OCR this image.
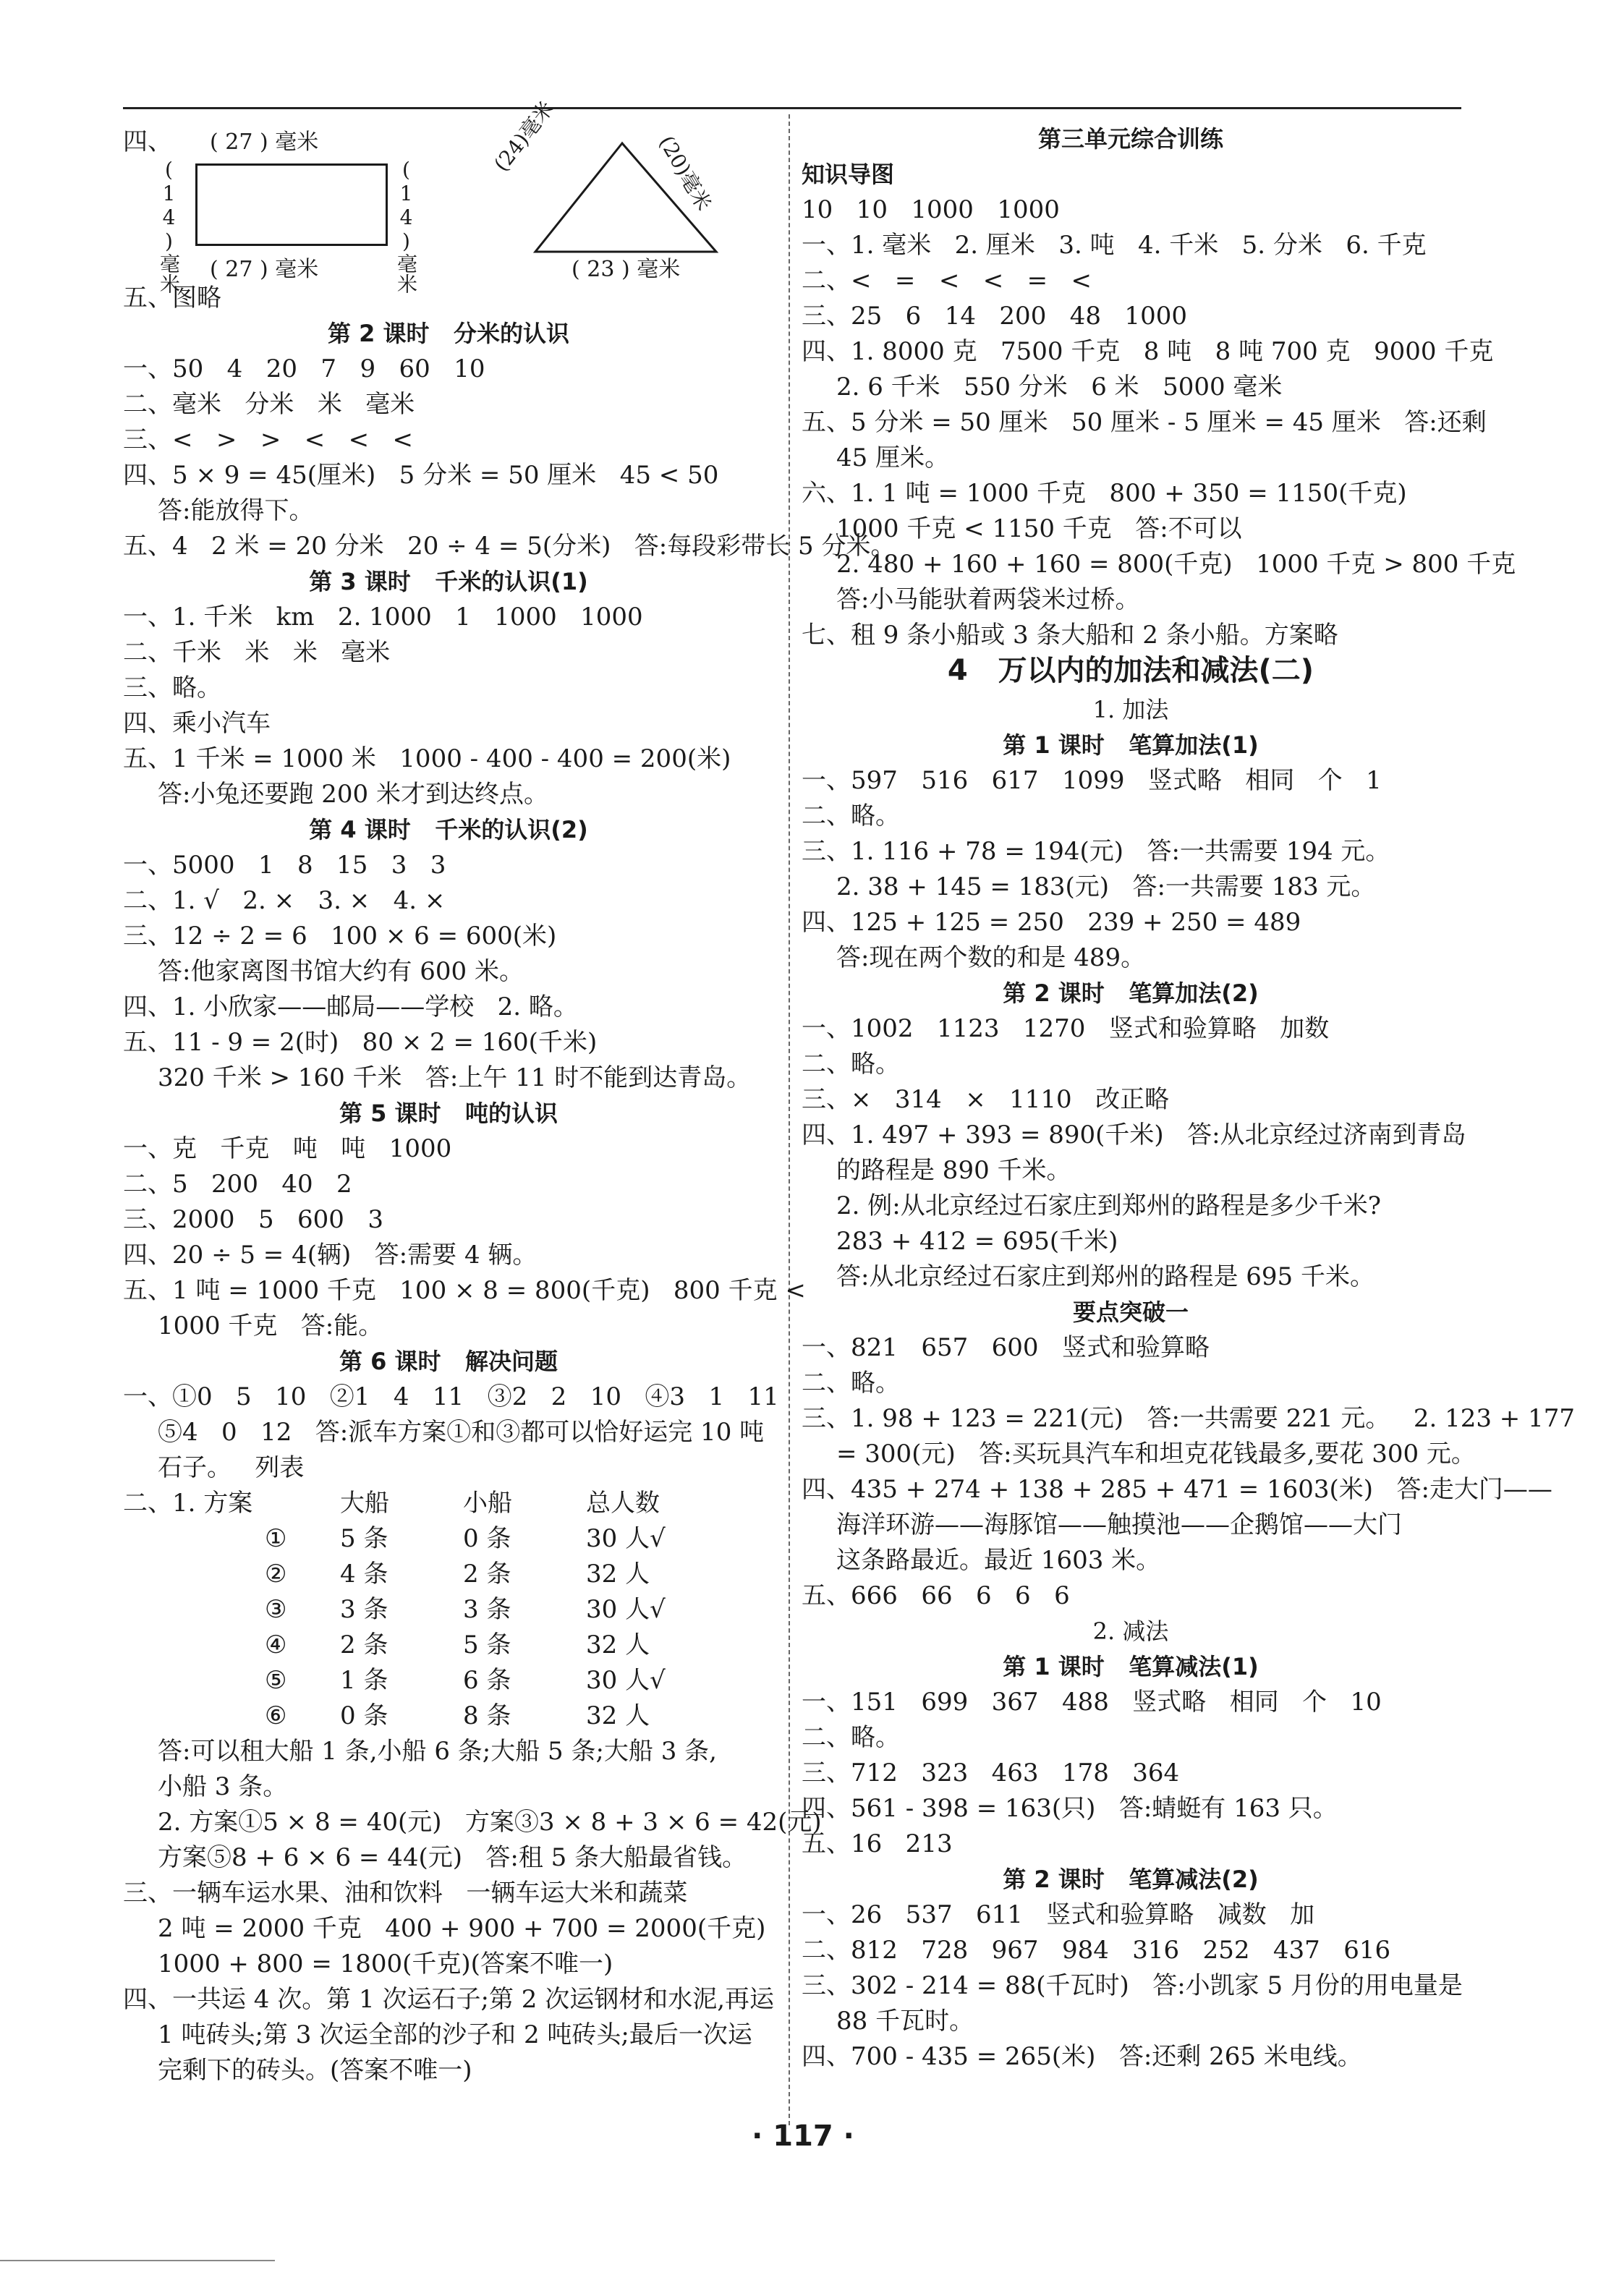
四、 ( 27 ) 毫米
(14)毫米	(14)毫米
( 27 ) 毫米
(24)毫米	(20)毫米
( 23 ) 毫米
五、图略
第 2 课时   分米的认识
一、50   4   20   7   9   60   10
二、毫米   分米   米   毫米
三、<   >   >   <   <   <
四、5 × 9 = 45(厘米)   5 分米 = 50 厘米   45 < 50
答:能放得下。
五、4   2 米 = 20 分米   20 ÷ 4 = 5(分米)   答:每段彩带长 5 分米。
第 3 课时   千米的认识(1)
一、1. 千米   km   2. 1000   1   1000   1000
二、千米   米   米   毫米
三、略。
四、乘小汽车
五、1 千米 = 1000 米   1000 - 400 - 400 = 200(米)
答:小兔还要跑 200 米才到达终点。
第 4 课时   千米的认识(2)
一、5000   1   8   15   3   3
二、1. √   2. ×   3. ×   4. ×
三、12 ÷ 2 = 6   100 × 6 = 600(米)
答:他家离图书馆大约有 600 米。
四、1. 小欣家——邮局——学校   2. 略。
五、11 - 9 = 2(时)   80 × 2 = 160(千米)
320 千米 > 160 千米   答:上午 11 时不能到达青岛。
第 5 课时   吨的认识
一、克   千克   吨   吨   1000
二、5   200   40   2
三、2000   5   600   3
四、20 ÷ 5 = 4(辆)   答:需要 4 辆。
五、1 吨 = 1000 千克   100 × 8 = 800(千克)   800 千克 <
1000 千克   答:能。
第 6 课时   解决问题
一、①0   5   10   ②1   4   11   ③2   2   10   ④3   1   11
⑤4   0   12   答:派车方案①和③都可以恰好运完 10 吨
石子。   列表
二、1. 方案	大船	小船	总人数
①	5 条	0 条	30 人√
②	4 条	2 条	32 人
③	3 条	3 条	30 人√
④	2 条	5 条	32 人
⑤	1 条	6 条	30 人√
⑥	0 条	8 条	32 人
答:可以租大船 1 条,小船 6 条;大船 5 条;大船 3 条,
小船 3 条。
2. 方案①5 × 8 = 40(元)   方案③3 × 8 + 3 × 6 = 42(元)
方案⑤8 + 6 × 6 = 44(元)   答:租 5 条大船最省钱。
三、一辆车运水果、油和饮料   一辆车运大米和蔬菜
2 吨 = 2000 千克   400 + 900 + 700 = 2000(千克)
1000 + 800 = 1800(千克)(答案不唯一)
四、一共运 4 次。第 1 次运石子;第 2 次运钢材和水泥,再运
1 吨砖头;第 3 次运全部的沙子和 2 吨砖头;最后一次运
完剩下的砖头。(答案不唯一)
第三单元综合训练
知识导图
10   10   1000   1000
一、1. 毫米   2. 厘米   3. 吨   4. 千米   5. 分米   6. 千克
二、<   =   <   <   =   <
三、25   6   14   200   48   1000
四、1. 8000 克   7500 千克   8 吨   8 吨 700 克   9000 千克
2. 6 千米   550 分米   6 米   5000 毫米
五、5 分米 = 50 厘米   50 厘米 - 5 厘米 = 45 厘米   答:还剩
45 厘米。
六、1. 1 吨 = 1000 千克   800 + 350 = 1150(千克)
1000 千克 < 1150 千克   答:不可以
2. 480 + 160 + 160 = 800(千克)   1000 千克 > 800 千克
答:小马能驮着两袋米过桥。
七、租 9 条小船或 3 条大船和 2 条小船。方案略
4   万以内的加法和减法(二)
1. 加法
第 1 课时   笔算加法(1)
一、597   516   617   1099   竖式略   相同   个   1
二、略。
三、1. 116 + 78 = 194(元)   答:一共需要 194 元。
2. 38 + 145 = 183(元)   答:一共需要 183 元。
四、125 + 125 = 250   239 + 250 = 489
答:现在两个数的和是 489。
第 2 课时   笔算加法(2)
一、1002   1123   1270   竖式和验算略   加数
二、略。
三、×   314   ×   1110   改正略
四、1. 497 + 393 = 890(千米)   答:从北京经过济南到青岛
的路程是 890 千米。
2. 例:从北京经过石家庄到郑州的路程是多少千米?
283 + 412 = 695(千米)
答:从北京经过石家庄到郑州的路程是 695 千米。
要点突破一
一、821   657   600   竖式和验算略
二、略。
三、1. 98 + 123 = 221(元)   答:一共需要 221 元。   2. 123 + 177
= 300(元)   答:买玩具汽车和坦克花钱最多,要花 300 元。
四、435 + 274 + 138 + 285 + 471 = 1603(米)   答:走大门——
海洋环游——海豚馆——触摸池——企鹅馆——大门
这条路最近。最近 1603 米。
五、666   66   6   6   6
2. 减法
第 1 课时   笔算减法(1)
一、151   699   367   488   竖式略   相同   个   10
二、略。
三、712   323   463   178   364
四、561 - 398 = 163(只)   答:蜻蜓有 163 只。
五、16   213
第 2 课时   笔算减法(2)
一、26   537   611   竖式和验算略   减数   加
二、812   728   967   984   316   252   437   616
三、302 - 214 = 88(千瓦时)   答:小凯家 5 月份的用电量是
88 千瓦时。
四、700 - 435 = 265(米)   答:还剩 265 米电线。
· 117 ·
